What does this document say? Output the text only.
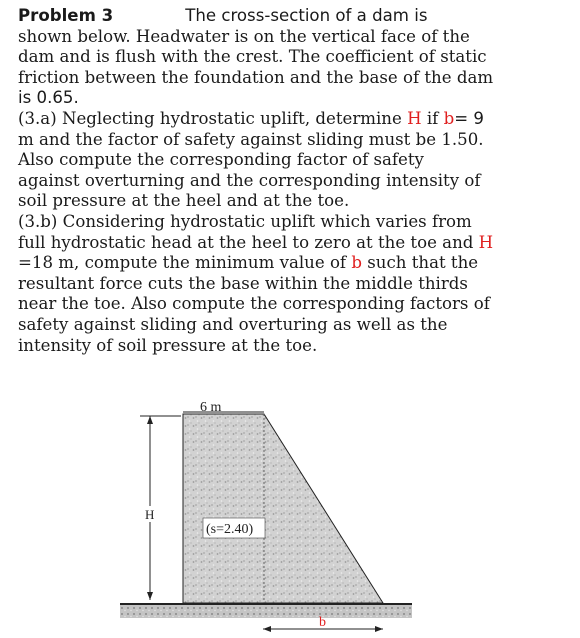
Problem 3	The cross-section of a dam is
shown below. Headwater is on the vertical face of the
dam and is flush with the crest. The coefficient of static
friction between the foundation and the base of the dam
is 0.65.
(3.a) Neglecting hydrostatic uplift, determine H if b= 9
m and the factor of safety against sliding must be 1.50.
Also compute the corresponding factor of safety
against overturning and the corresponding intensity of
soil pressure at the heel and at the toe.
(3.b) Considering hydrostatic uplift which varies from
full hydrostatic head at the heel to zero at the toe and H
=18 m, compute the minimum value of b such that the
resultant force cuts the base within the middle thirds
near the toe. Also compute the corresponding factors of
safety against sliding and overturing as well as the
intensity of soil pressure at the toe.
6 m
H
(s=2.40)
b
